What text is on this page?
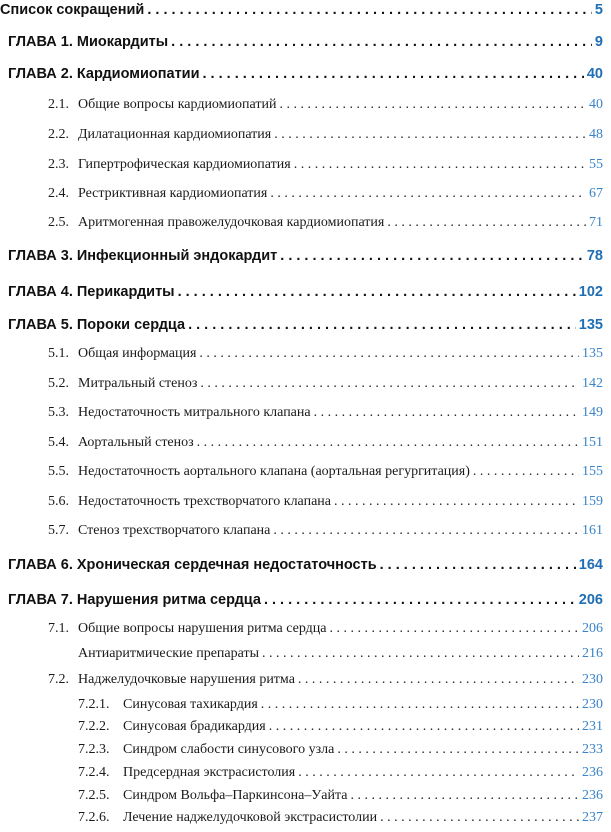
Список сокращений . . .	5
ГЛАВА 1. Миокардиты . . .	9
ГЛАВА 2. Кардиомиопатии . . .	40
2.1. Общие вопросы кардиомиопатий . . .	40
2.2. Дилатационная кардиомиопатия . . .	48
2.3. Гипертрофическая кардиомиопатия . . .	55
2.4. Рестриктивная кардиомиопатия . . .	67
2.5. Аритмогенная правожелудочковая кардиомиопатия . . .	71
ГЛАВА 3. Инфекционный эндокардит . . .	78
ГЛАВА 4. Перикардиты . . .	102
ГЛАВА 5. Пороки сердца . . .	135
5.1. Общая информация . . .	135
5.2. Митральный стеноз . . .	142
5.3. Недостаточность митрального клапана . . .	149
5.4. Аортальный стеноз . . .	151
5.5. Недостаточность аортального клапана (аортальная регургитация) . . .	155
5.6. Недостаточность трехстворчатого клапана . . .	159
5.7. Стеноз трехстворчатого клапана . . .	161
ГЛАВА 6. Хроническая сердечная недостаточность . . .	164
ГЛАВА 7. Нарушения ритма сердца . . .	206
7.1. Общие вопросы нарушения ритма сердца . . .	206
Антиаритмические препараты . . .	216
7.2. Наджелудочковые нарушения ритма . . .	230
7.2.1. Синусовая тахикардия . . .	230
7.2.2. Синусовая брадикардия . . .	231
7.2.3. Синдром слабости синусового узла . . .	233
7.2.4. Предсердная экстрасистолия . . .	236
7.2.5. Синдром Вольфа–Паркинсона–Уайта . . .	236
7.2.6. Лечение наджелудочковой экстрасистолии . . .	237
